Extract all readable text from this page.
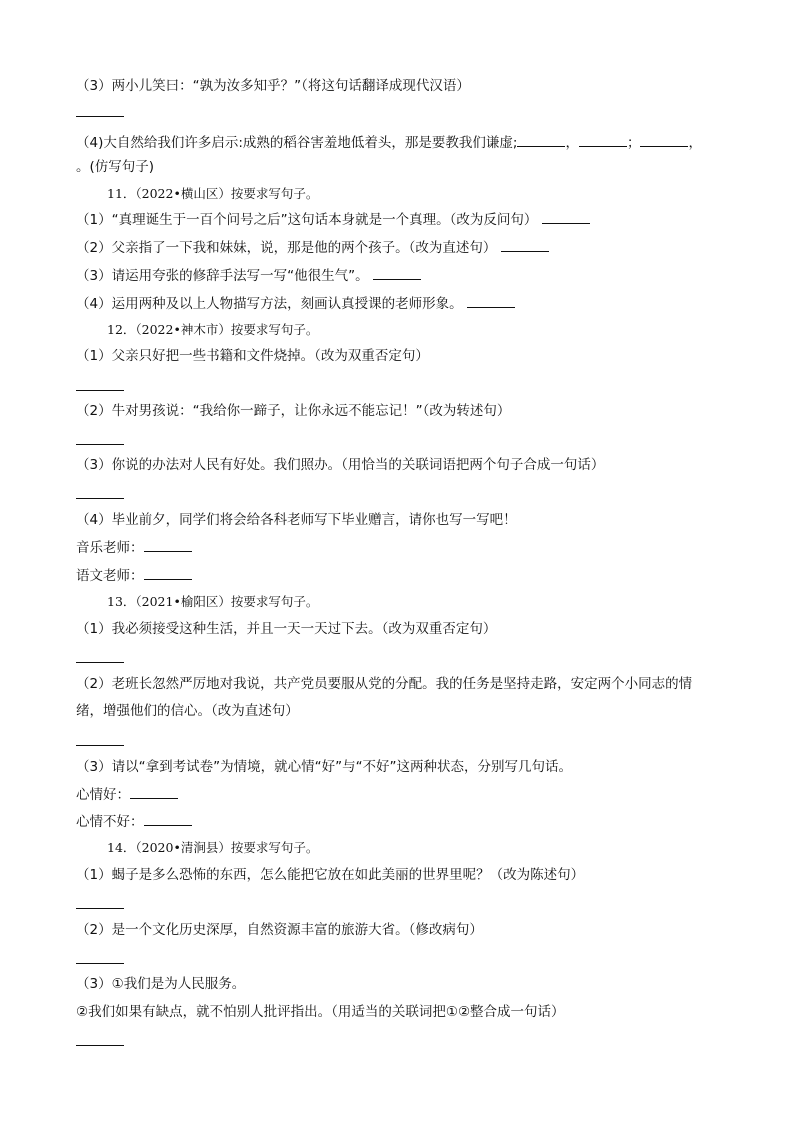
（3）两小儿笑曰：“孰为汝多知乎？”（将这句话翻译成现代汉语）
（4)大自然给我们许多启示:成熟的稻谷害羞地低着头，那是要教我们谦虚;	，	；	，
。(仿写句子)
11．（2022•横山区）按要求写句子。
（1）“真理诞生于一百个问号之后”这句话本身就是一个真理。（改为反问句）
（2）父亲指了一下我和妹妹，说，那是他的两个孩子。（改为直述句）
（3）请运用夸张的修辞手法写一写“他很生气”。
（4）运用两种及以上人物描写方法，刻画认真授课的老师形象。
12．（2022•神木市）按要求写句子。
（1）父亲只好把一些书籍和文件烧掉。（改为双重否定句）
（2）牛对男孩说：“我给你一蹄子，让你永远不能忘记！”（改为转述句）
（3）你说的办法对人民有好处。我们照办。（用恰当的关联词语把两个句子合成一句话）
（4）毕业前夕，同学们将会给各科老师写下毕业赠言，请你也写一写吧！
音乐老师：
语文老师：
13．（2021•榆阳区）按要求写句子。
（1）我必须接受这种生活，并且一天一天过下去。（改为双重否定句）
（2）老班长忽然严厉地对我说，共产党员要服从党的分配。我的任务是坚持走路，安定两个小同志的情
绪，增强他们的信心。（改为直述句）
（3）请以“拿到考试卷”为情境，就心情“好”与“不好”这两种状态，分别写几句话。
心情好：
心情不好：
14．（2020•清涧县）按要求写句子。
（1）蝎子是多么恐怖的东西，怎么能把它放在如此美丽的世界里呢？（改为陈述句）
（2）是一个文化历史深厚，自然资源丰富的旅游大省。（修改病句）
（3）①我们是为人民服务。
②我们如果有缺点，就不怕别人批评指出。（用适当的关联词把①②整合成一句话）
